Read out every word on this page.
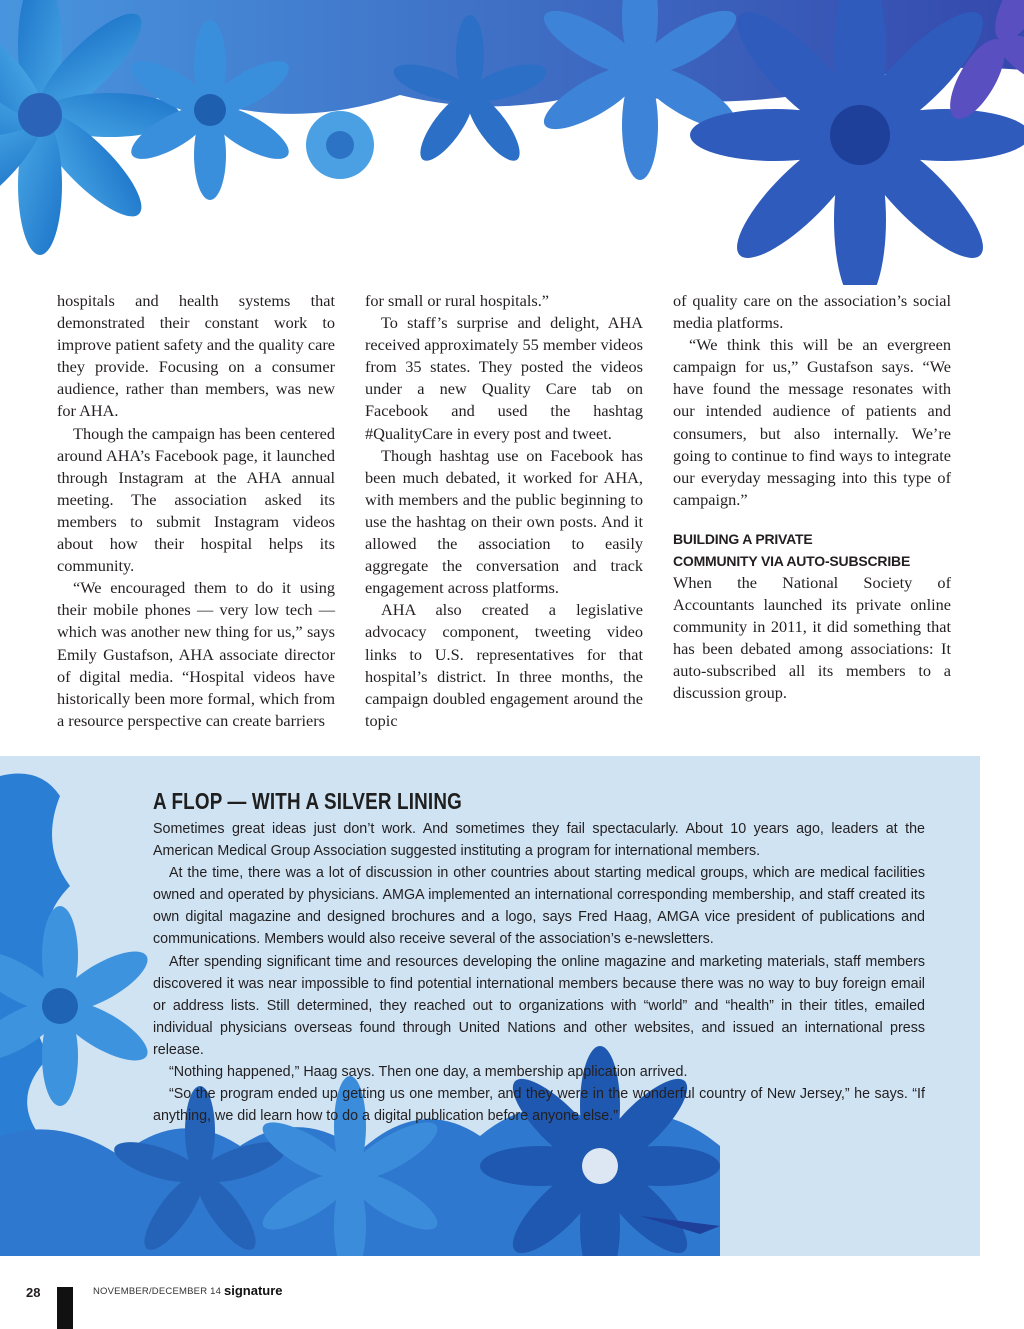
hospitals and health systems that demonstrated their constant work to improve patient safety and the quality care they provide. Focusing on a consumer audience, rather than members, was new for AHA.

Though the campaign has been centered around AHA’s Facebook page, it launched through Instagram at the AHA annual meeting. The association asked its members to submit Instagram videos about how their hospital helps its community.

“We encouraged them to do it using their mobile phones — very low tech — which was another new thing for us,” says Emily Gustafson, AHA associate director of digital media. “Hospital videos have historically been more formal, which from a resource perspective can create barriers

for small or rural hospitals.”

To staff’s surprise and delight, AHA received approximately 55 member videos from 35 states. They posted the videos under a new Quality Care tab on Facebook and used the hashtag #QualityCare in every post and tweet.

Though hashtag use on Facebook has been much debated, it worked for AHA, with members and the public beginning to use the hashtag on their own posts. And it allowed the association to easily aggregate the conversation and track engagement across platforms.

AHA also created a legislative advocacy component, tweeting video links to U.S. representatives for that hospital’s district. In three months, the campaign doubled engagement around the topic

of quality care on the association’s social media platforms.

“We think this will be an evergreen campaign for us,” Gustafson says. “We have found the message resonates with our intended audience of patients and consumers, but also internally. We’re going to continue to find ways to integrate our everyday messaging into this type of campaign.”

BUILDING A PRIVATE
COMMUNITY VIA AUTO-SUBSCRIBE

When the National Society of Accountants launched its private online community in 2011, it did something that has been debated among associations: It auto-subscribed all its members to a discussion group.

A FLOP — WITH A SILVER LINING

Sometimes great ideas just don’t work. And sometimes they fail spectacularly. About 10 years ago, leaders at the American Medical Group Association suggested instituting a program for international members.

At the time, there was a lot of discussion in other countries about starting medical groups, which are medical facilities owned and operated by physicians. AMGA implemented an international corresponding membership, and staff created its own digital magazine and designed brochures and a logo, says Fred Haag, AMGA vice president of publications and communications. Members would also receive several of the association’s e-newsletters.

After spending significant time and resources developing the online magazine and marketing materials, staff members discovered it was near impossible to find potential international members because there was no way to buy foreign email or address lists. Still determined, they reached out to organizations with “world” and “health” in their titles, emailed individual physicians overseas found through United Nations and other websites, and issued an international press release.

“Nothing happened,” Haag says. Then one day, a membership application arrived.

“So the program ended up getting us one member, and they were in the wonderful country of New Jersey,” he says. “If anything, we did learn how to do a digital publication before anyone else.”

28	NOVEMBER/DECEMBER 14 signature
